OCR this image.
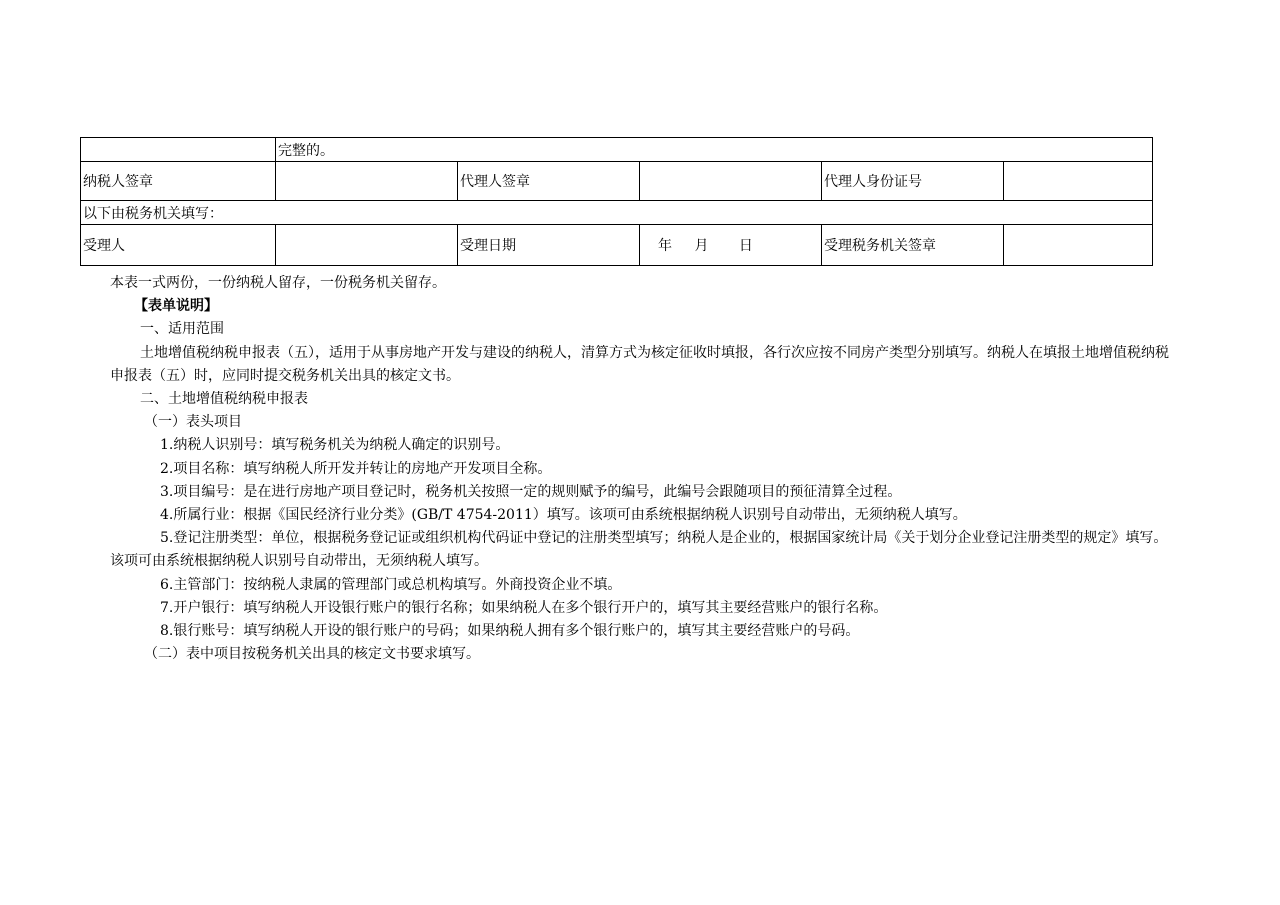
	完整的。				
纳税人签章		代理人签章		代理人身份证号	
以下由税务机关填写：					
受理人		受理日期	年 月 日	受理税务机关签章	

本表一式两份，一份纳税人留存，一份税务机关留存。

【表单说明】

一、适用范围

土地增值税纳税申报表（五），适用于从事房地产开发与建设的纳税人，清算方式为核定征收时填报，各行次应按不同房产类型分别填写。纳税人在填报土地增值税纳税申报表（五）时，应同时提交税务机关出具的核定文书。

二、土地增值税纳税申报表

（一）表头项目

1.纳税人识别号：填写税务机关为纳税人确定的识别号。

2.项目名称：填写纳税人所开发并转让的房地产开发项目全称。

3.项目编号：是在进行房地产项目登记时，税务机关按照一定的规则赋予的编号，此编号会跟随项目的预征清算全过程。

4.所属行业：根据《国民经济行业分类》(GB/T 4754-2011）填写。该项可由系统根据纳税人识别号自动带出，无须纳税人填写。

5.登记注册类型：单位，根据税务登记证或组织机构代码证中登记的注册类型填写；纳税人是企业的，根据国家统计局《关于划分企业登记注册类型的规定》填写。该项可由系统根据纳税人识别号自动带出，无须纳税人填写。

6.主管部门：按纳税人隶属的管理部门或总机构填写。外商投资企业不填。

7.开户银行：填写纳税人开设银行账户的银行名称；如果纳税人在多个银行开户的，填写其主要经营账户的银行名称。

8.银行账号：填写纳税人开设的银行账户的号码；如果纳税人拥有多个银行账户的，填写其主要经营账户的号码。

（二）表中项目按税务机关出具的核定文书要求填写。
